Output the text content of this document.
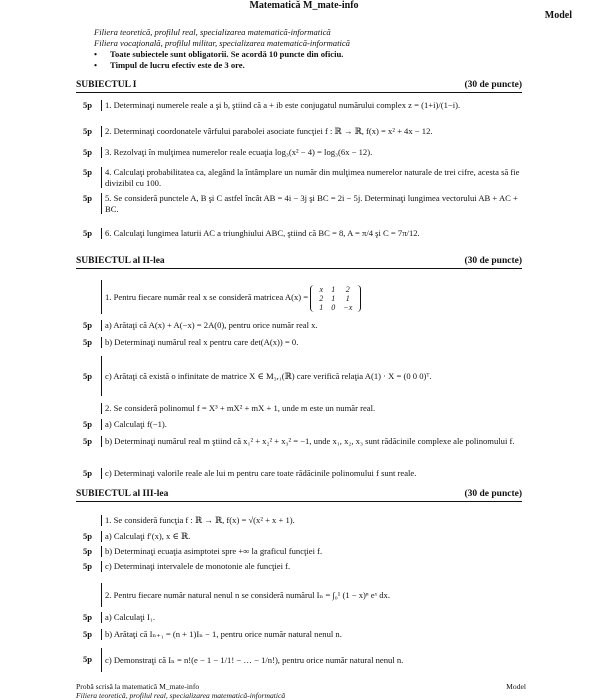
Matematică M_mate-info
Model
Filiera teoretică, profilul real, specializarea matematică-informatică
Filiera vocaţională, profilul militar, specializarea matematică-informatică
• Toate subiectele sunt obligatorii. Se acordă 10 puncte din oficiu.
• Timpul de lucru efectiv este de 3 ore.
SUBIECTUL I	(30 de puncte)
5p	1. Determinaţi numerele reale a şi b, ştiind că a + ib este conjugatul numărului complex z = (1+i)/(1−i).
5p	2. Determinaţi coordonatele vârfului parabolei asociate funcţiei f : ℝ → ℝ, f(x) = x² + 4x − 12.
5p	3. Rezolvaţi în mulţimea numerelor reale ecuaţia log₃(x² − 4) = log₃(6x − 12).
5p	4. Calculaţi probabilitatea ca, alegând la întâmplare un număr din mulţimea numerelor naturale de trei cifre, acesta să fie divizibil cu 100.
5p	5. Se consideră punctele A, B şi C astfel încât AB = 4i − 3j şi BC = 2i − 5j. Determinaţi lungimea vectorului AB + AC + BC.
5p	6. Calculaţi lungimea laturii AC a triunghiului ABC, ştiind că BC = 8, A = π/4 şi C = 7π/12.
SUBIECTUL al II-lea	(30 de puncte)
1. Pentru fiecare număr real x se consideră matricea A(x) =
x	1	2
2	1	1
1	0	−x
5p	a) Arătaţi că A(x) + A(−x) = 2A(0), pentru orice număr real x.
5p	b) Determinaţi numărul real x pentru care det(A(x)) = 0.
5p	c) Arătaţi că există o infinitate de matrice X ∈ M₃,₁(ℝ) care verifică relaţia A(1) · X = (0 0 0)ᵀ.
2. Se consideră polinomul f = X³ + mX² + mX + 1, unde m este un număr real.
5p	a) Calculaţi f(−1).
5p	b) Determinaţi numărul real m ştiind că x₁² + x₂² + x₃² = −1, unde x₁, x₂, x₃ sunt rădăcinile complexe ale polinomului f.
5p	c) Determinaţi valorile reale ale lui m pentru care toate rădăcinile polinomului f sunt reale.
SUBIECTUL al III-lea	(30 de puncte)
1. Se consideră funcţia f : ℝ → ℝ, f(x) = √(x² + x + 1).
5p	a) Calculaţi f′(x), x ∈ ℝ.
5p	b) Determinaţi ecuaţia asimptotei spre +∞ la graficul funcţiei f.
5p	c) Determinaţi intervalele de monotonie ale funcţiei f.
2. Pentru fiecare număr natural nenul n se consideră numărul Iₙ = ∫₀¹ (1 − x)ⁿ eˣ dx.
5p	a) Calculaţi I₁.
5p	b) Arătaţi că Iₙ₊₁ = (n + 1)Iₙ − 1, pentru orice număr natural nenul n.
5p	c) Demonstraţi că Iₙ = n!(e − 1 − 1/1! − … − 1/n!), pentru orice număr natural nenul n.
Probă scrisă la matematică M_mate-info
Filiera teoretică, profilul real, specializarea matematică-informatică
Model
